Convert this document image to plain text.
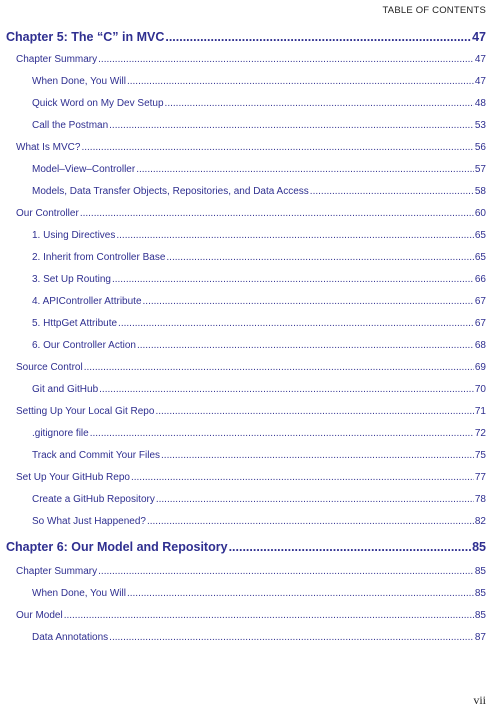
TABLE OF CONTENTS
Chapter 5: The “C” in MVC .....	47
Chapter Summary .....	47
When Done, You Will .....	47
Quick Word on My Dev Setup .....	48
Call the Postman .....	53
What Is MVC? .....	56
Model–View–Controller .....	57
Models, Data Transfer Objects, Repositories, and Data Access .....	58
Our Controller .....	60
1. Using Directives .....	65
2. Inherit from Controller Base .....	65
3. Set Up Routing .....	66
4. APIController Attribute .....	67
5. HttpGet Attribute .....	67
6. Our Controller Action .....	68
Source Control .....	69
Git and GitHub .....	70
Setting Up Your Local Git Repo .....	71
.gitignore file .....	72
Track and Commit Your Files .....	75
Set Up Your GitHub Repo .....	77
Create a GitHub Repository .....	78
So What Just Happened? .....	82
Chapter 6: Our Model and Repository .....	85
Chapter Summary .....	85
When Done, You Will .....	85
Our Model .....	85
Data Annotations .....	87
vii
